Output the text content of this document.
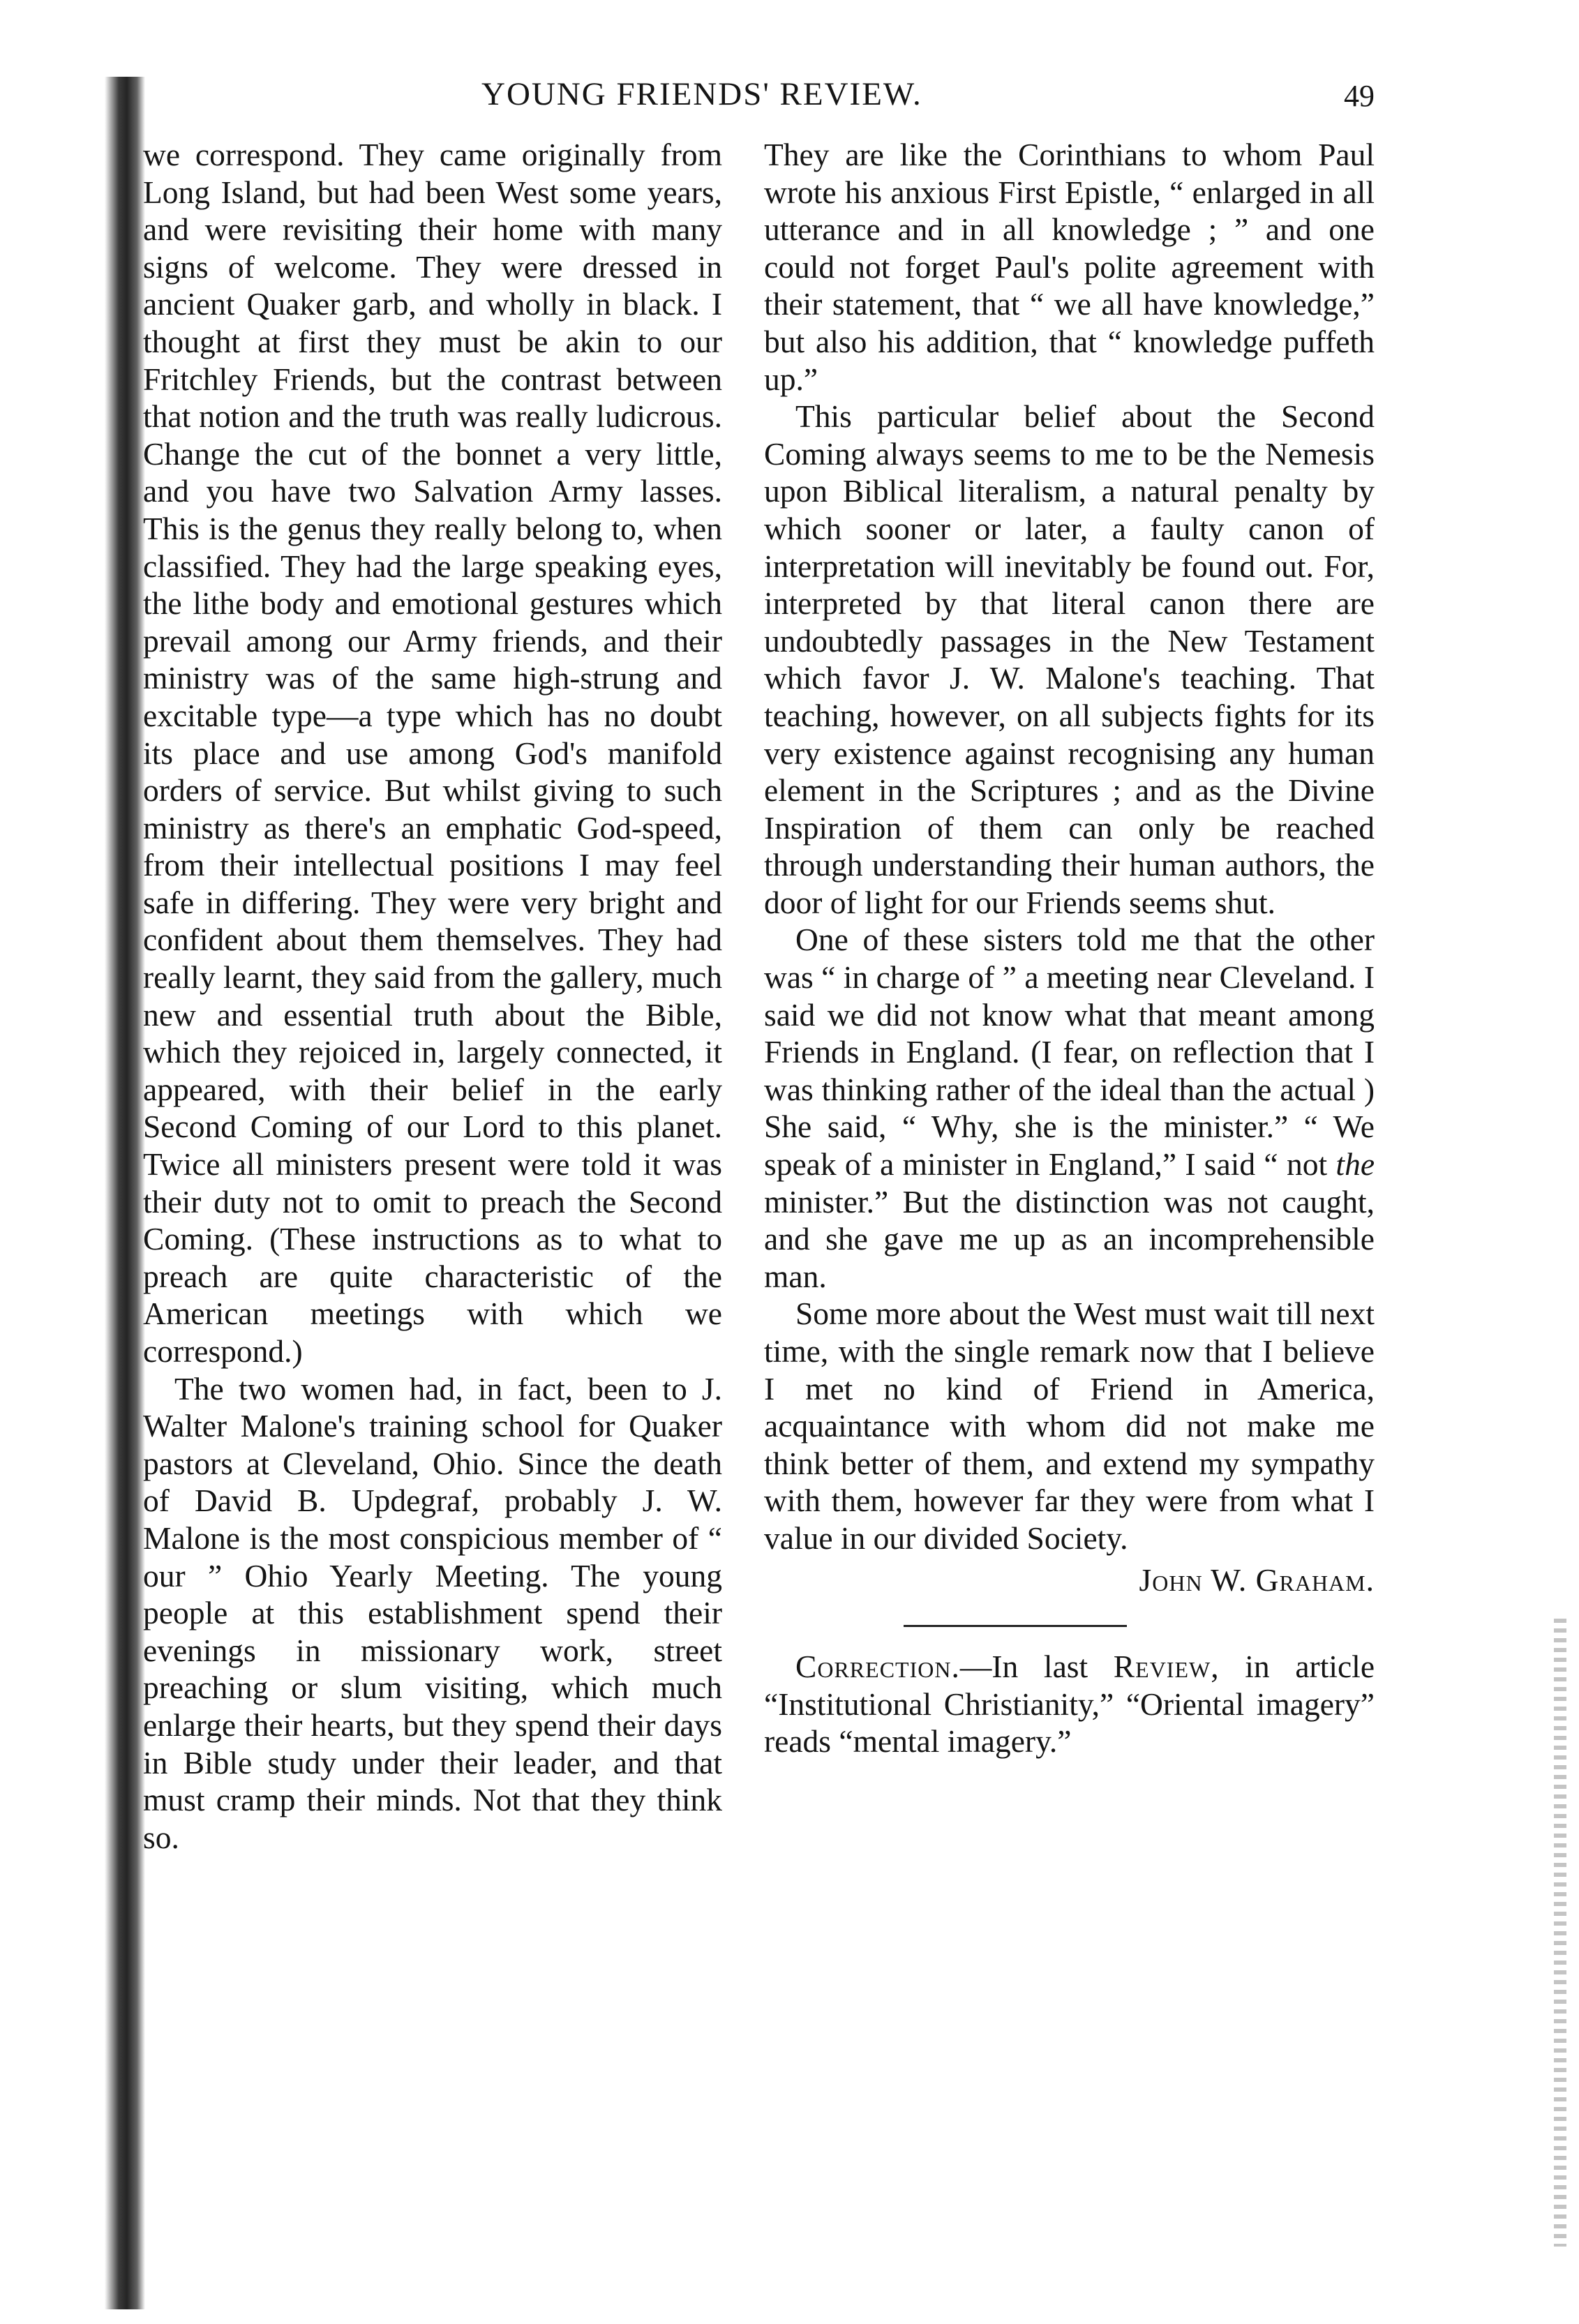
YOUNG FRIENDS' REVIEW.	49

we correspond. They came originally from Long Island, but had been West some years, and were revisiting their home with many signs of welcome. They were dressed in ancient Quaker garb, and wholly in black. I thought at first they must be akin to our Fritchley Friends, but the contrast between that notion and the truth was really ludicrous. Change the cut of the bonnet a very little, and you have two Salvation Army lasses. This is the genus they really belong to, when classified. They had the large speaking eyes, the lithe body and emotional gestures which prevail among our Army friends, and their ministry was of the same high-strung and excitable type—a type which has no doubt its place and use among God's manifold orders of service. But whilst giving to such ministry as there's an emphatic God-speed, from their intellectual positions I may feel safe in differing. They were very bright and confident about them themselves. They had really learnt, they said from the gallery, much new and essential truth about the Bible, which they rejoiced in, largely connected, it appeared, with their belief in the early Second Coming of our Lord to this planet. Twice all ministers present were told it was their duty not to omit to preach the Second Coming. (These instructions as to what to preach are quite characteristic of the American meetings with which we correspond.)

The two women had, in fact, been to J. Walter Malone's training school for Quaker pastors at Cleveland, Ohio. Since the death of David B. Updegraf, probably J. W. Malone is the most conspicious member of “ our ” Ohio Yearly Meeting. The young people at this establishment spend their evenings in missionary work, street preaching or slum visiting, which much enlarge their hearts, but they spend their days in Bible study under their leader, and that must cramp their minds. Not that they think so.

They are like the Corinthians to whom Paul wrote his anxious First Epistle, “ enlarged in all utterance and in all knowledge ; ” and one could not forget Paul's polite agreement with their statement, that “ we all have knowledge,” but also his addition, that “ knowledge puffeth up.”

This particular belief about the Second Coming always seems to me to be the Nemesis upon Biblical literalism, a natural penalty by which sooner or later, a faulty canon of interpretation will inevitably be found out. For, interpreted by that literal canon there are undoubtedly passages in the New Testament which favor J. W. Malone's teaching. That teaching, however, on all subjects fights for its very existence against recognising any human element in the Scriptures ; and as the Divine Inspiration of them can only be reached through understanding their human authors, the door of light for our Friends seems shut.

One of these sisters told me that the other was “ in charge of ” a meeting near Cleveland. I said we did not know what that meant among Friends in England. (I fear, on reflection that I was thinking rather of the ideal than the actual ) She said, “ Why, she is the minister.” “ We speak of a minister in England,” I said “ not the minister.” But the distinction was not caught, and she gave me up as an incomprehensible man.

Some more about the West must wait till next time, with the single remark now that I believe I met no kind of Friend in America, acquaintance with whom did not make me think better of them, and extend my sympathy with them, however far they were from what I value in our divided Society.

John W. Graham.

Correction.—In last Review, in article “Institutional Christianity,” “Oriental imagery” reads “mental imagery.”
